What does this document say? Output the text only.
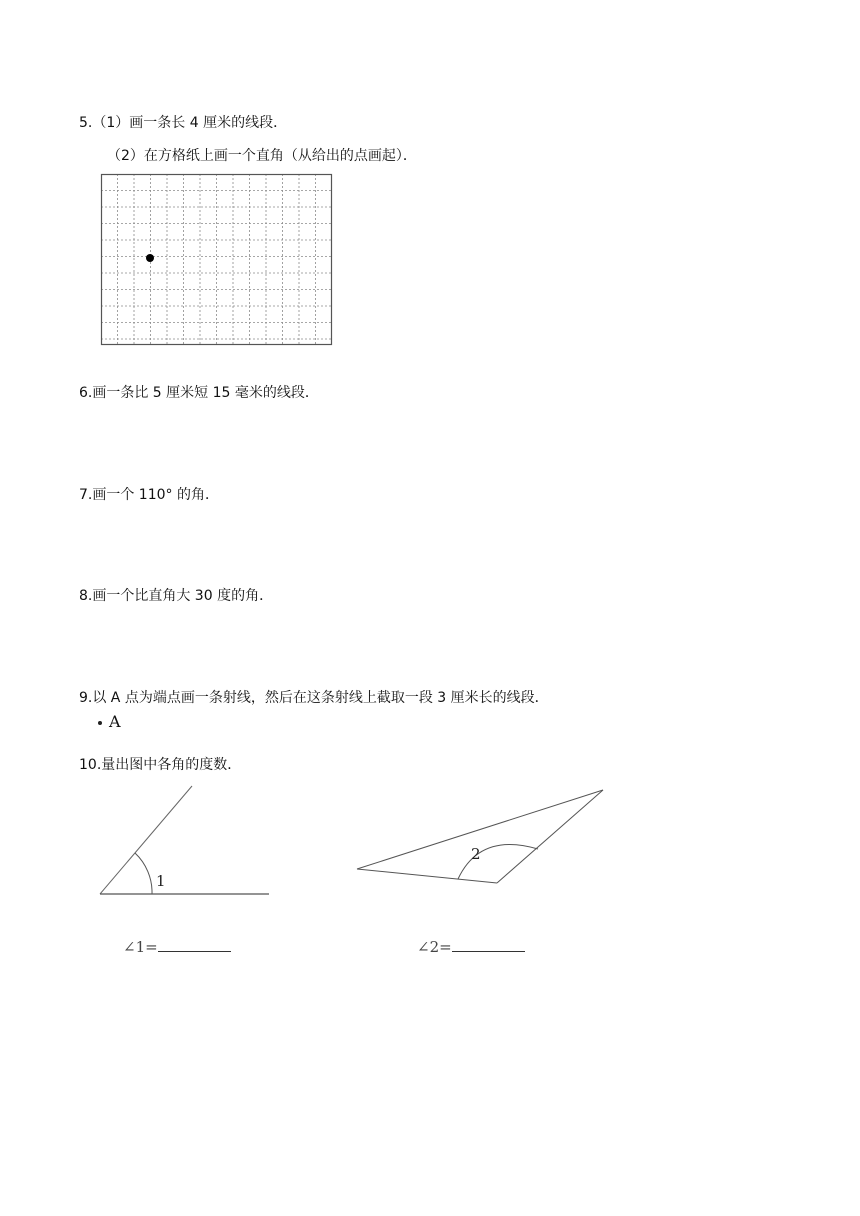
5.（1）画一条长 4 厘米的线段．
（2）在方格纸上画一个直角（从给出的点画起）．
6.画一条比 5 厘米短 15 毫米的线段．
7.画一个 110° 的角．
8.画一个比直角大 30 度的角．
9.以 A 点为端点画一条射线，然后在这条射线上截取一段 3 厘米长的线段．
A
10.量出图中各角的度数．
1
2
∠1=	∠2=
